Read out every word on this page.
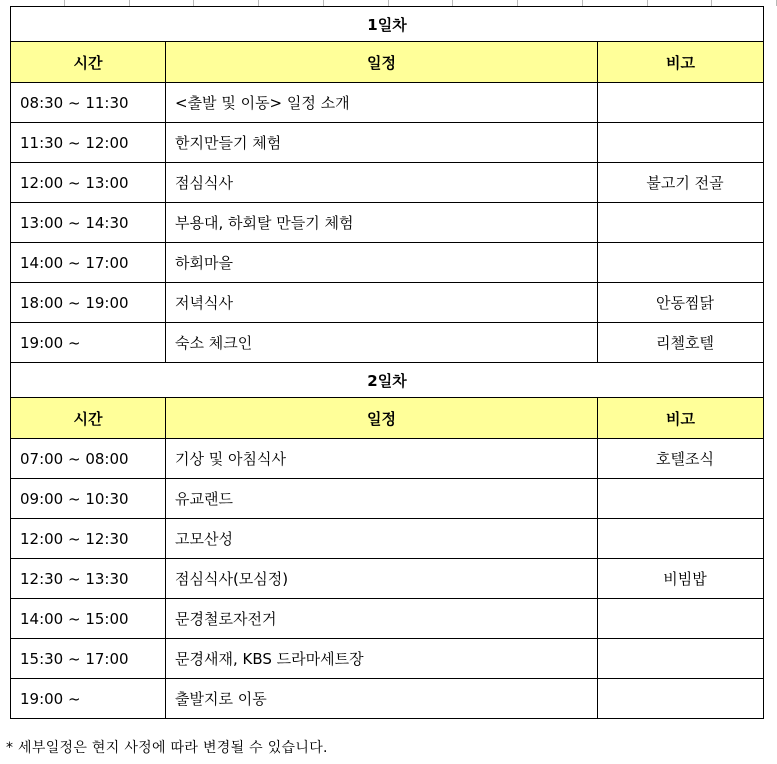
1일차		
시간	일정	비고
08:30 ~ 11:30	<출발 및 이동> 일정 소개	
11:30 ~ 12:00	한지만들기 체험	
12:00 ~ 13:00	점심식사	불고기 전골
13:00 ~ 14:30	부용대, 하회탈 만들기 체험	
14:00 ~ 17:00	하회마을	
18:00 ~ 19:00	저녁식사	안동찜닭
19:00 ~	숙소 체크인	리첼호텔
2일차		
시간	일정	비고
07:00 ~ 08:00	기상 및 아침식사	호텔조식
09:00 ~ 10:30	유교랜드	
12:00 ~ 12:30	고모산성	
12:30 ~ 13:30	점심식사(모심정)	비빔밥
14:00 ~ 15:00	문경철로자전거	
15:30 ~ 17:00	문경새재, KBS 드라마세트장	
19:00 ~	출발지로 이동	
* 세부일정은 현지 사정에 따라 변경될 수 있습니다.
